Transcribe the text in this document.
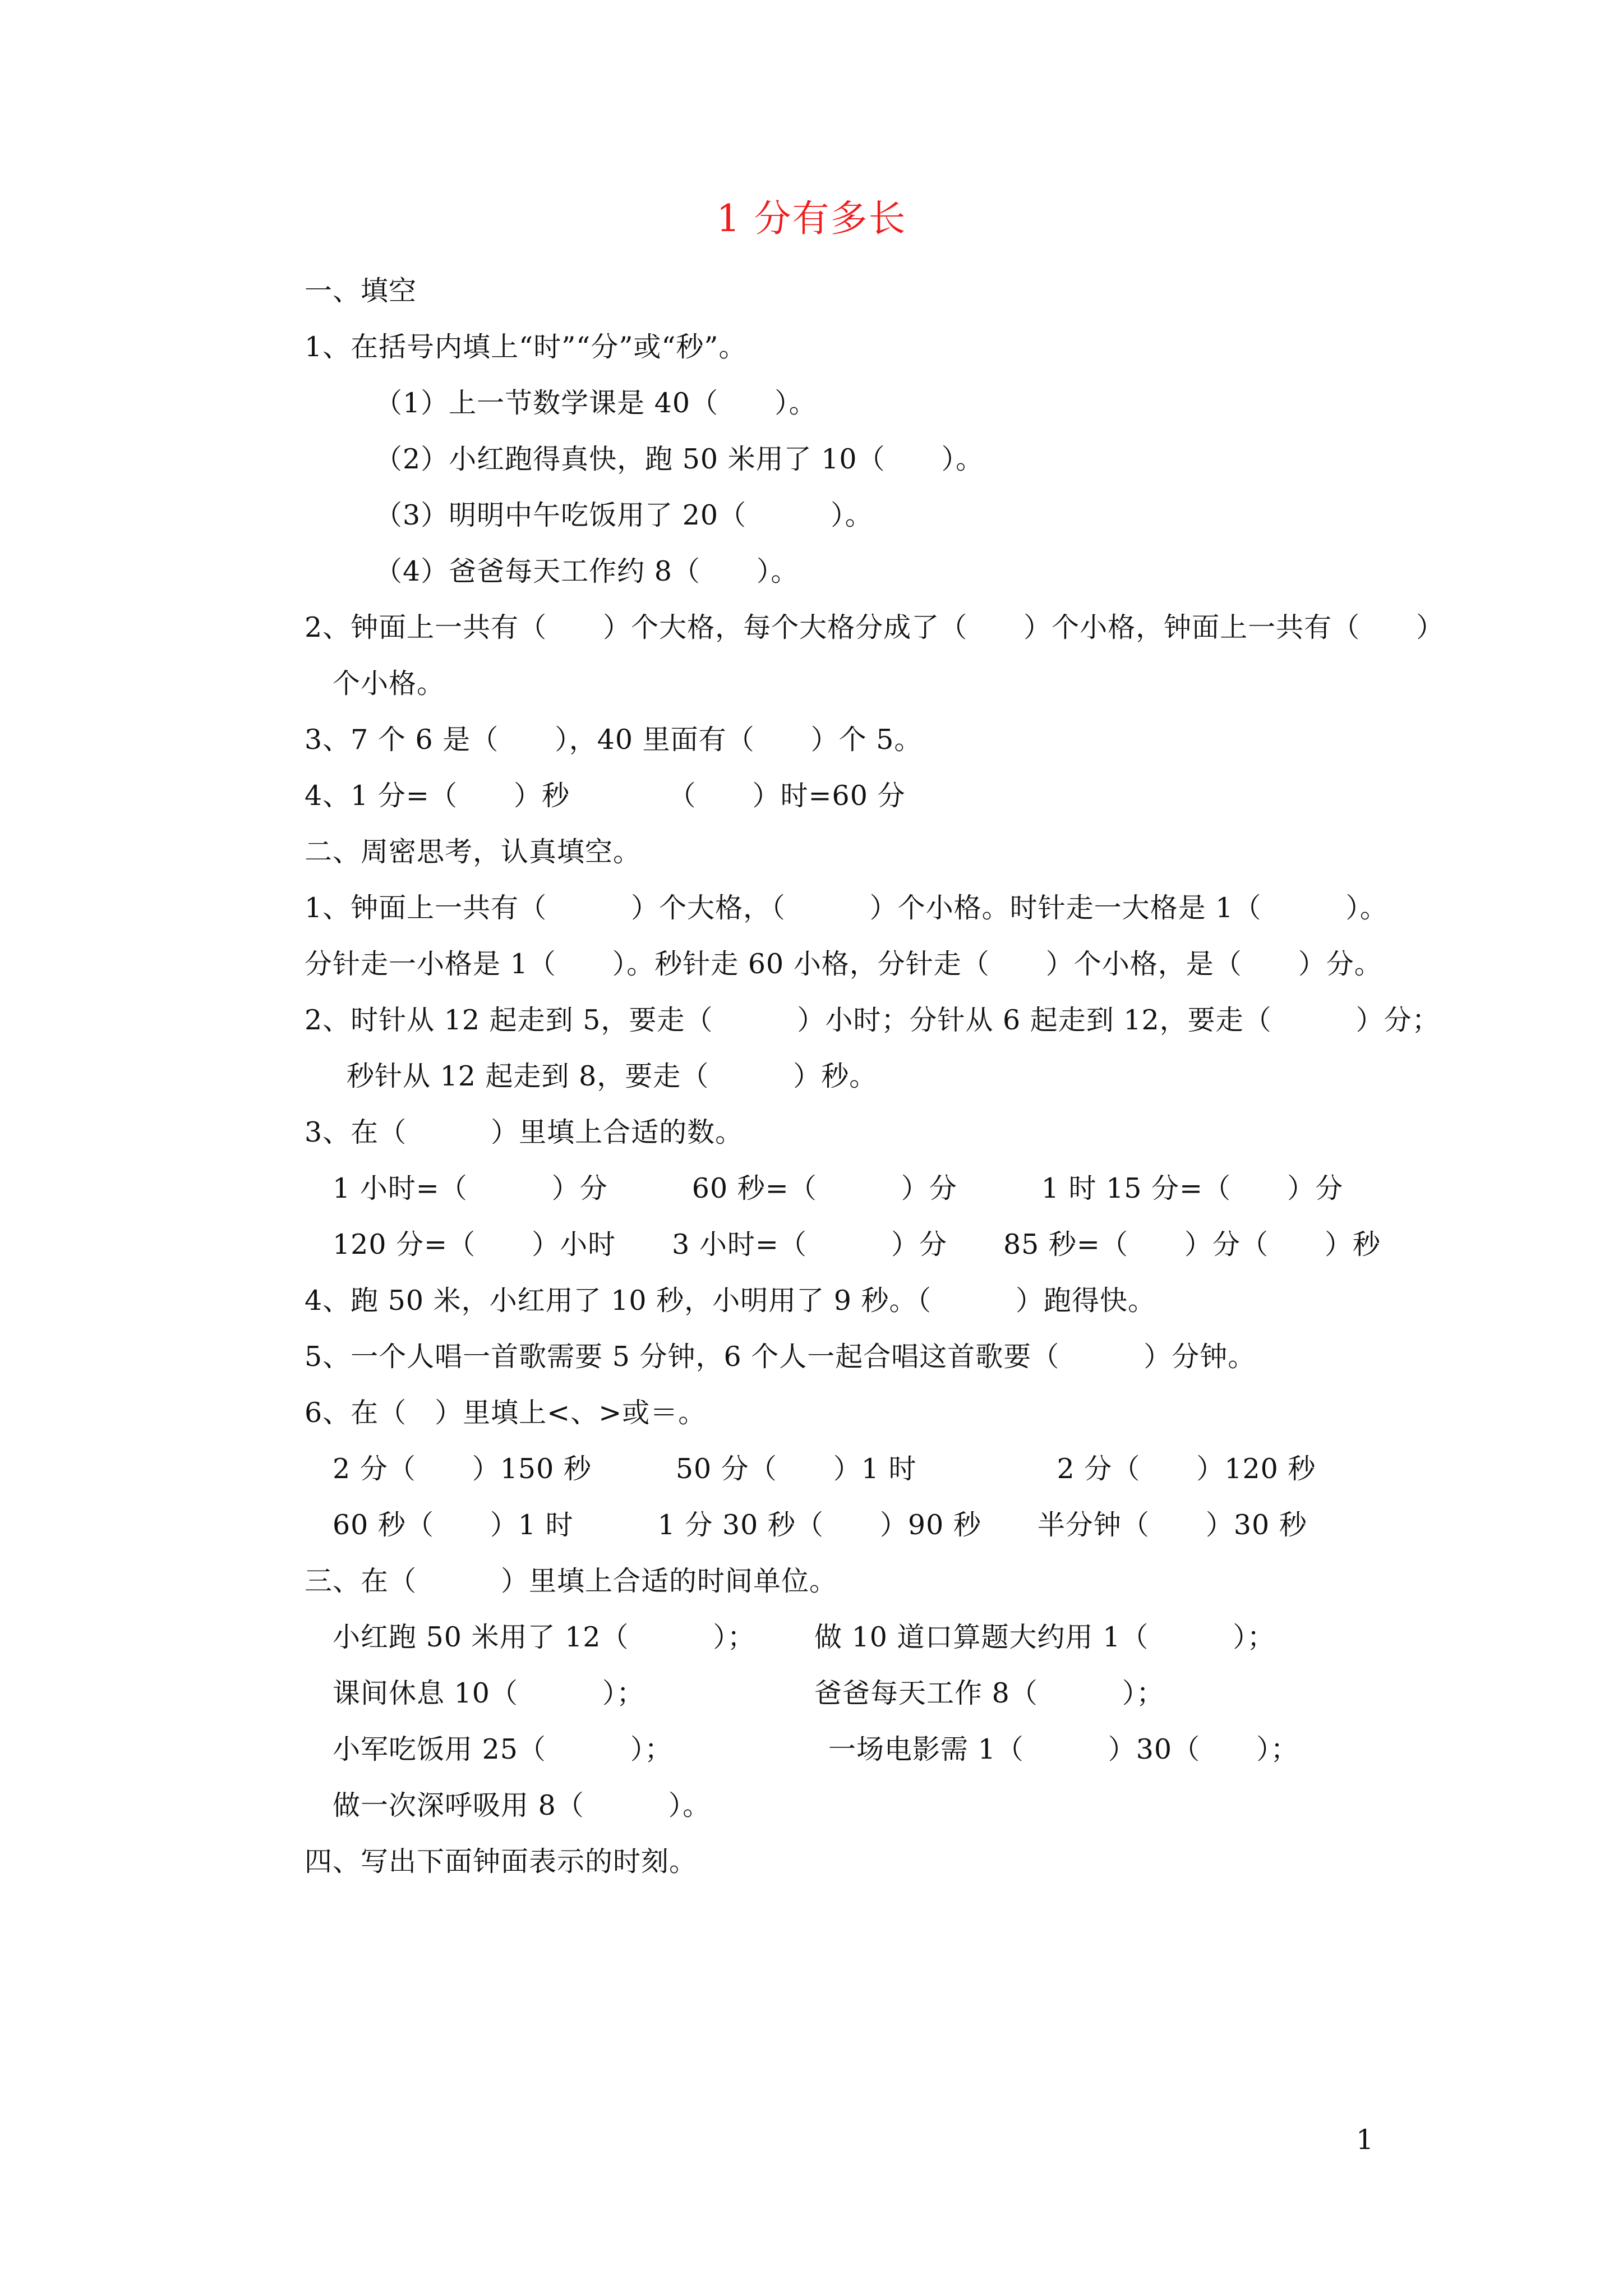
1 分有多长
一、填空
1、在括号内填上“时”“分”或“秒”。
（1）上一节数学课是 40（　　）。
（2）小红跑得真快，跑 50 米用了 10（　　）。
（3）明明中午吃饭用了 20（　　　）。
（4）爸爸每天工作约 8（　　）。
2、钟面上一共有（　　）个大格，每个大格分成了（　　）个小格，钟面上一共有（　　）
个小格。
3、7 个 6 是（　　），40 里面有（　　）个 5。
4、1 分=（　　）秒　　　　（　　）时=60 分
二、周密思考，认真填空。
1、钟面上一共有（　　　）个大格，（　　　）个小格。时针走一大格是 1（　　　）。
分针走一小格是 1（　　）。秒针走 60 小格，分针走（　　）个小格，是（　　）分。
2、时针从 12 起走到 5，要走（　　　）小时；分针从 6 起走到 12，要走（　　　）分；
秒针从 12 起走到 8，要走（　　　）秒。
3、在（　　　）里填上合适的数。
1 小时=（　　　）分　　　60 秒=（　　　）分　　　1 时 15 分=（　　）分
120 分=（　　）小时　　3 小时=（　　　）分　　85 秒=（　　）分（　　）秒
4、跑 50 米，小红用了 10 秒，小明用了 9 秒。（　　　）跑得快。
5、一个人唱一首歌需要 5 分钟，6 个人一起合唱这首歌要（　　　）分钟。
6、在（　）里填上<、>或＝。
2 分（　　）150 秒　　　50 分（　　）1 时　　　　　2 分（　　）120 秒
60 秒（　　）1 时　　　1 分 30 秒（　　）90 秒　　半分钟（　　）30 秒
三、在（　　　）里填上合适的时间单位。
小红跑 50 米用了 12（　　　）； 做 10 道口算题大约用 1（　　　）；
课间休息 10（　　　）；	爸爸每天工作 8（　　　）；
小军吃饭用 25（　　　）；	一场电影需 1（　　　）30（　　）；
做一次深呼吸用 8（　　　）。
四、写出下面钟面表示的时刻。
1
